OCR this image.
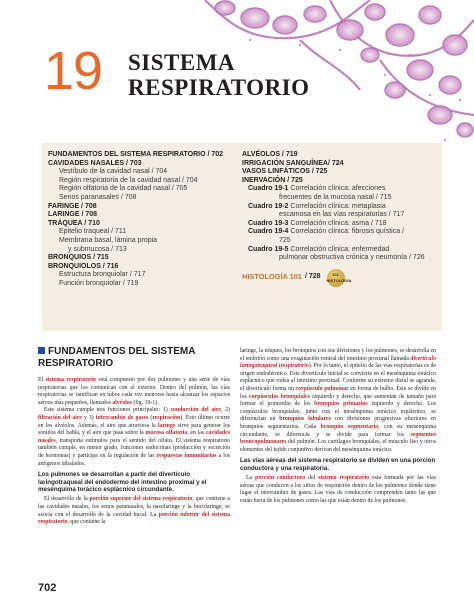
19 SISTEMA
RESPIRATORIO
FUNDAMENTOS DEL SISTEMA RESPIRATORIO / 702
CAVIDADES NASALES / 703
Vestíbulo de la cavidad nasal / 704
Región respiratoria de la cavidad nasal / 704
Región olfatoria de la cavidad nasal / 705
Senos paranasales / 708
FARINGE / 708
LARINGE / 708
TRÁQUEA / 710
Epitelio traqueal / 711
Membrana basal, lámina propia
y submucosa / 713
BRONQUIOS / 715
BRONQUIOLOS / 716
Estructura bronquiolar / 717
Función bronquiolar / 719
ALVÉOLOS / 719
IRRIGACIÓN SANGUÍNEA/ 724
VASOS LINFÁTICOS / 725
INERVACIÓN / 725
Cuadro 19-1 Correlación clínica: afecciones
frecuentes de la mucosa nasal / 715
Cuadro 19-2 Correlación clínica: metaplasia
escamosa en las vías respiratorias / 717
Cuadro 19-3 Correlación clínica: asma / 718
Cuadro 19-4 Correlación clínica: fibrosis quística /
725
Cuadro 19-5 Correlación clínica: enfermedad
pulmonar obstructiva crónica y neumonía / 726
HISTOLOGÍA 101 / 728	101
HISTOLOGÍA
FUNDAMENTOS DEL SISTEMA
RESPIRATORIO

El sistema respiratorio está compuesto por dos pulmones y una serie de vías respiratorias que los comunican con el exterior. Dentro del pulmón, las vías respiratorias se ramifican en tubos cada vez menores hasta alcanzar los espacios aéreos más pequeños, llamados alvéolos (fig. 19-1).

Este sistema cumple tres funciones principales: 1) conducción del aire, 2) filtración del aire y 3) intercambio de gases (respiración). Esto último ocurre en los alvéolos. Además, el aire que atraviesa la laringe sirve para generar los sonidos del habla, y el aire que pasa sobre la mucosa olfatoria, en las cavidades nasales, transporta estímulos para el sentido del olfato. El sistema respiratorio también cumple, en menor grado, funciones endocrinas (producción y secreción de hormonas) y participa en la regulación de las respuestas inmunitarias a los antígenos inhalados.

Los pulmones se desarrollan a partir del divertículo laringotraqueal del endodermo del intestino proximal y el mesénquima torácico esplácnico circundante.

El desarrollo de la porción superior del sistema respiratorio, que contiene a las cavidades nasales, los senos paranasales, la nasofaringe y la bucofaringe, se asocia con el desarrollo de la cavidad bucal. La porción inferior del sistema respiratorio, que contiene la

laringe, la tráquea, los bronquios con sus divisiones y los pulmones, se desarrolla en el embrión como una evaginación ventral del intestino proximal llamada divertículo laringotraqueal (respiratorio). Por lo tanto, el epitelio de las vías respiratorias es de origen endodérmico. Este divertículo inicial se convierte en el mesénquima torácico esplácnico que rodea al intestino proximal. Conforme su extremo distal se agranda, el divertículo forma un corpúsculo pulmonar en forma de bulbo. Éste se divide en los corpúsculos bronquiales izquierdo y derecho, que aumentan de tamaño para formar el primordio de los bronquios primarios izquierdo y derecho. Los corpúsculos bronquiales, junto con el mesénquima torácico esplácnico, se diferencian en bronquios lobulares con divisiones progresivas ulteriores en bronquios segmentarios. Cada bronquio segmentario, con su mesénquima circundante, se diferencia y se divide para formar los segmentos broncopulmonares del pulmón. Los cartílagos bronquiales, el músculo liso y otros elementos del tejido conjuntivo derivan del mesénquima torácico.

Las vías aéreas del sistema respiratorio se dividen en una porción conductora y una respiratoria.

La porción conductora del sistema respiratorio está formada por las vías aéreas que conducen a los sitios de respiración dentro de los pulmones donde tiene lugar el intercambio de gases. Las vías de conducción comprenden tanto las que están fuera de los pulmones como las que están dentro de los pulmones.

702
